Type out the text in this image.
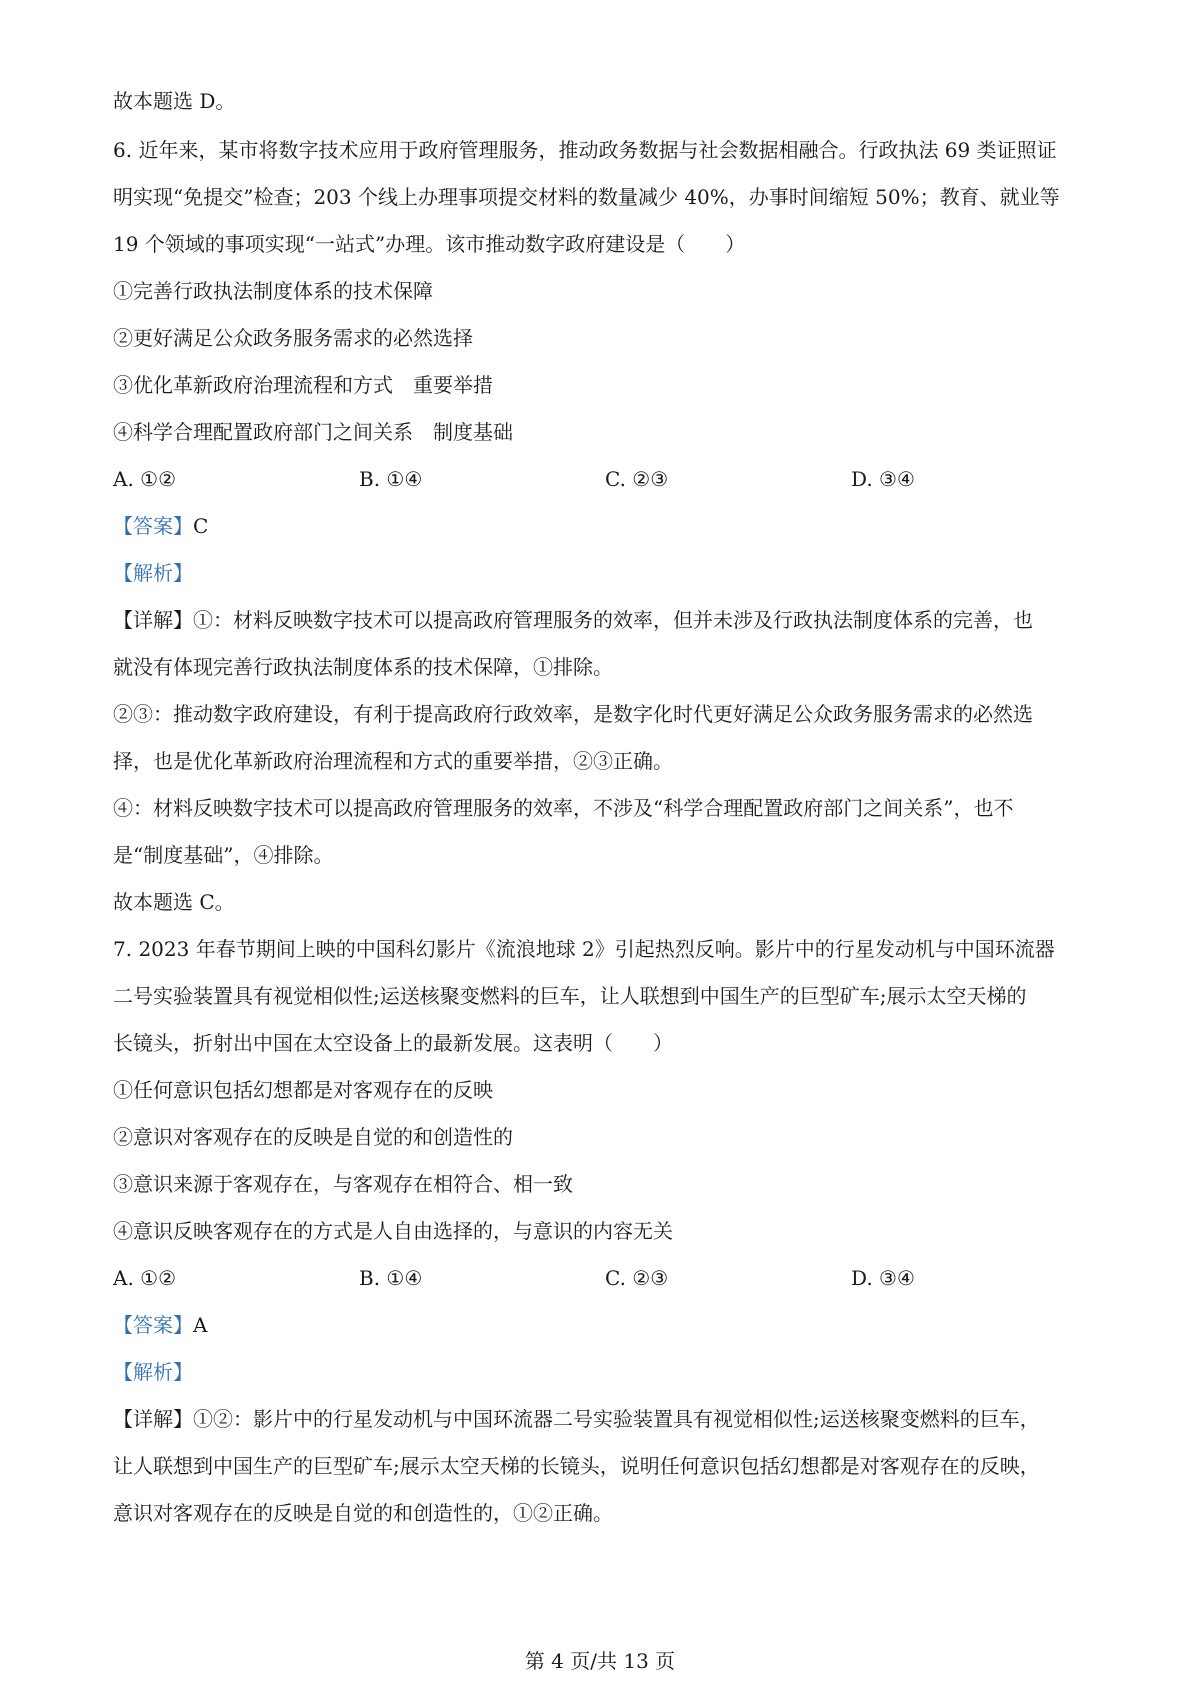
故本题选 D。
6. 近年来，某市将数字技术应用于政府管理服务，推动政务数据与社会数据相融合。行政执法 69 类证照证
明实现“免提交”检查；203 个线上办理事项提交材料的数量减少 40%，办事时间缩短 50%；教育、就业等
19 个领域的事项实现“一站式”办理。该市推动数字政府建设是（　　）
①完善行政执法制度体系的技术保障
②更好满足公众政务服务需求的必然选择
③优化革新政府治理流程和方式　重要举措
④科学合理配置政府部门之间关系　制度基础
A. ①②	B. ①④	C. ②③	D. ③④
【答案】C
【解析】
【详解】①：材料反映数字技术可以提高政府管理服务的效率，但并未涉及行政执法制度体系的完善，也
就没有体现完善行政执法制度体系的技术保障，①排除。
②③：推动数字政府建设，有利于提高政府行政效率，是数字化时代更好满足公众政务服务需求的必然选
择，也是优化革新政府治理流程和方式的重要举措，②③正确。
④：材料反映数字技术可以提高政府管理服务的效率，不涉及“科学合理配置政府部门之间关系”，也不
是“制度基础”，④排除。
故本题选 C。
7. 2023 年春节期间上映的中国科幻影片《流浪地球 2》引起热烈反响。影片中的行星发动机与中国环流器
二号实验装置具有视觉相似性;运送核聚变燃料的巨车，让人联想到中国生产的巨型矿车;展示太空天梯的
长镜头，折射出中国在太空设备上的最新发展。这表明（　　）
①任何意识包括幻想都是对客观存在的反映
②意识对客观存在的反映是自觉的和创造性的
③意识来源于客观存在，与客观存在相符合、相一致
④意识反映客观存在的方式是人自由选择的，与意识的内容无关
A. ①②	B. ①④	C. ②③	D. ③④
【答案】A
【解析】
【详解】①②：影片中的行星发动机与中国环流器二号实验装置具有视觉相似性;运送核聚变燃料的巨车，
让人联想到中国生产的巨型矿车;展示太空天梯的长镜头，说明任何意识包括幻想都是对客观存在的反映，
意识对客观存在的反映是自觉的和创造性的，①②正确。
第 4 页/共 13 页
